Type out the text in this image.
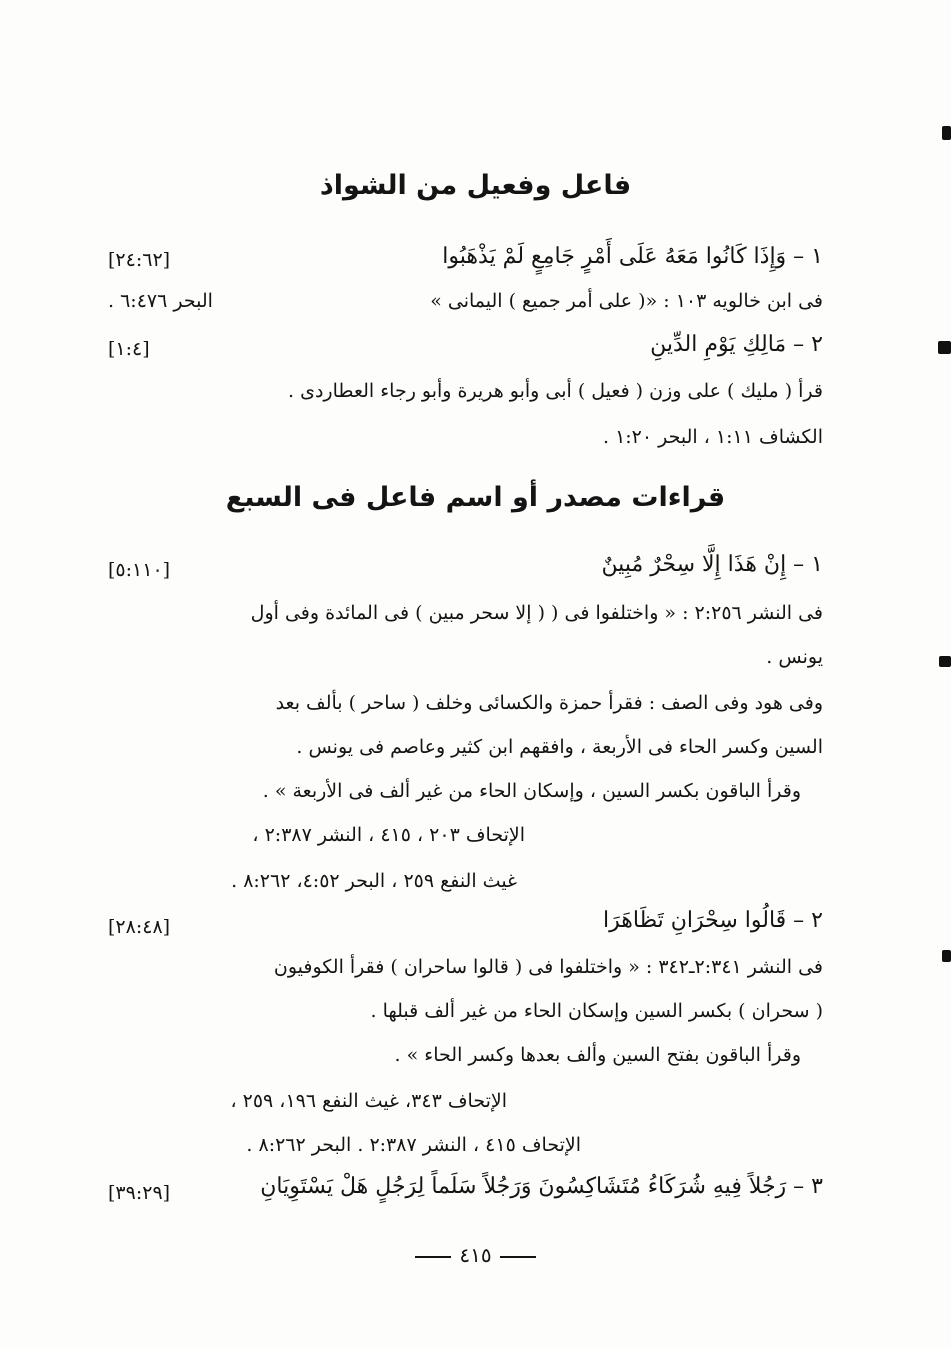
فاعل وفعيل من الشواذ
١ – وَإِذَا كَانُوا مَعَهُ عَلَى أَمْرٍ جَامِعٍ لَمْ يَذْهَبُوا
[٢٤:٦٢]
فى ابن خالويه ١٠٣ : «( على أمر جميع ) اليمانى »
البحر ٦:٤٧٦ .
٢ – مَالِكِ يَوْمِ الدِّينِ
[١:٤]
قرأ ( مليك ) على وزن ( فعيل ) أبى وأبو هريرة وأبو رجاء العطاردى .
الكشاف ١:١١ ، البحر ١:٢٠ .
قراءات مصدر أو اسم فاعل فى السبع
١ – إِنْ هَذَا إِلَّا سِحْرٌ مُبِينٌ
[٥:١١٠]
فى النشر ٢:٢٥٦ : « واختلفوا فى ( ( إلا سحر مبين ) فى المائدة وفى أول
يونس .
وفى هود وفى الصف : فقرأ حمزة والكسائى وخلف ( ساحر ) بألف بعد
السين وكسر الحاء فى الأربعة ، وافقهم ابن كثير وعاصم فى يونس .
وقرأ الباقون بكسر السين ، وإسكان الحاء من غير ألف فى الأربعة » .
الإتحاف ٢٠٣ ، ٤١٥ ، النشر ٢:٣٨٧ ،
غيث النفع ٢٥٩ ، البحر ٤:٥٢، ٨:٢٦٢ .
٢ – قَالُوا سِحْرَانِ تَظَاهَرَا
[٢٨:٤٨]
فى النشر ٢:٣٤١ـ٣٤٢ : « واختلفوا فى ( قالوا ساحران ) فقرأ الكوفيون
( سحران ) بكسر السين وإسكان الحاء من غير ألف قبلها .
وقرأ الباقون بفتح السين وألف بعدها وكسر الحاء » .
الإتحاف ٣٤٣، غيث النفع ١٩٦، ٢٥٩ ،
الإتحاف ٤١٥ ، النشر ٢:٣٨٧ . البحر ٨:٢٦٢ .
٣ – رَجُلاً فِيهِ شُرَكَاءُ مُتَشَاكِسُونَ وَرَجُلاً سَلَماً لِرَجُلٍ هَلْ يَسْتَوِيَانِ
[٣٩:٢٩]
٤١٥
